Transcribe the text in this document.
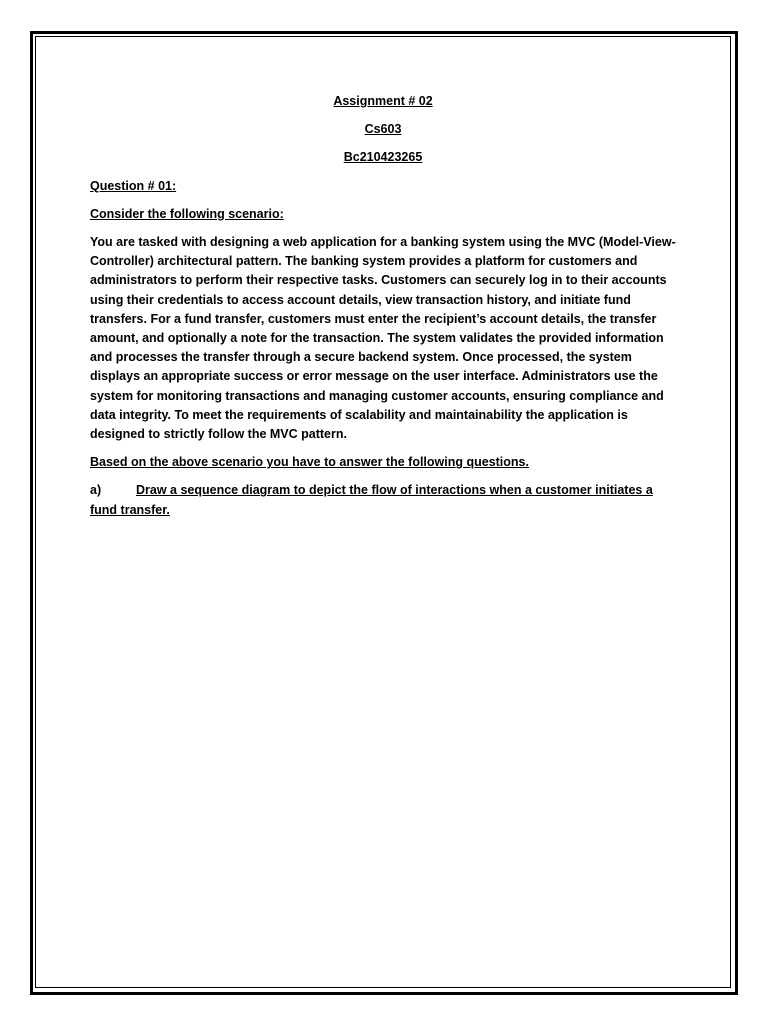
Assignment # 02

Cs603

Bc210423265

Question # 01:

Consider the following scenario:

You are tasked with designing a web application for a banking system using the MVC (Model-View-Controller) architectural pattern. The banking system provides a platform for customers and administrators to perform their respective tasks. Customers can securely log in to their accounts using their credentials to access account details, view transaction history, and initiate fund transfers. For a fund transfer, customers must enter the recipient’s account details, the transfer amount, and optionally a note for the transaction. The system validates the provided information and processes the transfer through a secure backend system. Once processed, the system displays an appropriate success or error message on the user interface. Administrators use the system for monitoring transactions and managing customer accounts, ensuring compliance and data integrity. To meet the requirements of scalability and maintainability the application is designed to strictly follow the MVC pattern.

Based on the above scenario you have to answer the following questions.

a)	Draw a sequence diagram to depict the flow of interactions when a customer initiates a fund transfer.
